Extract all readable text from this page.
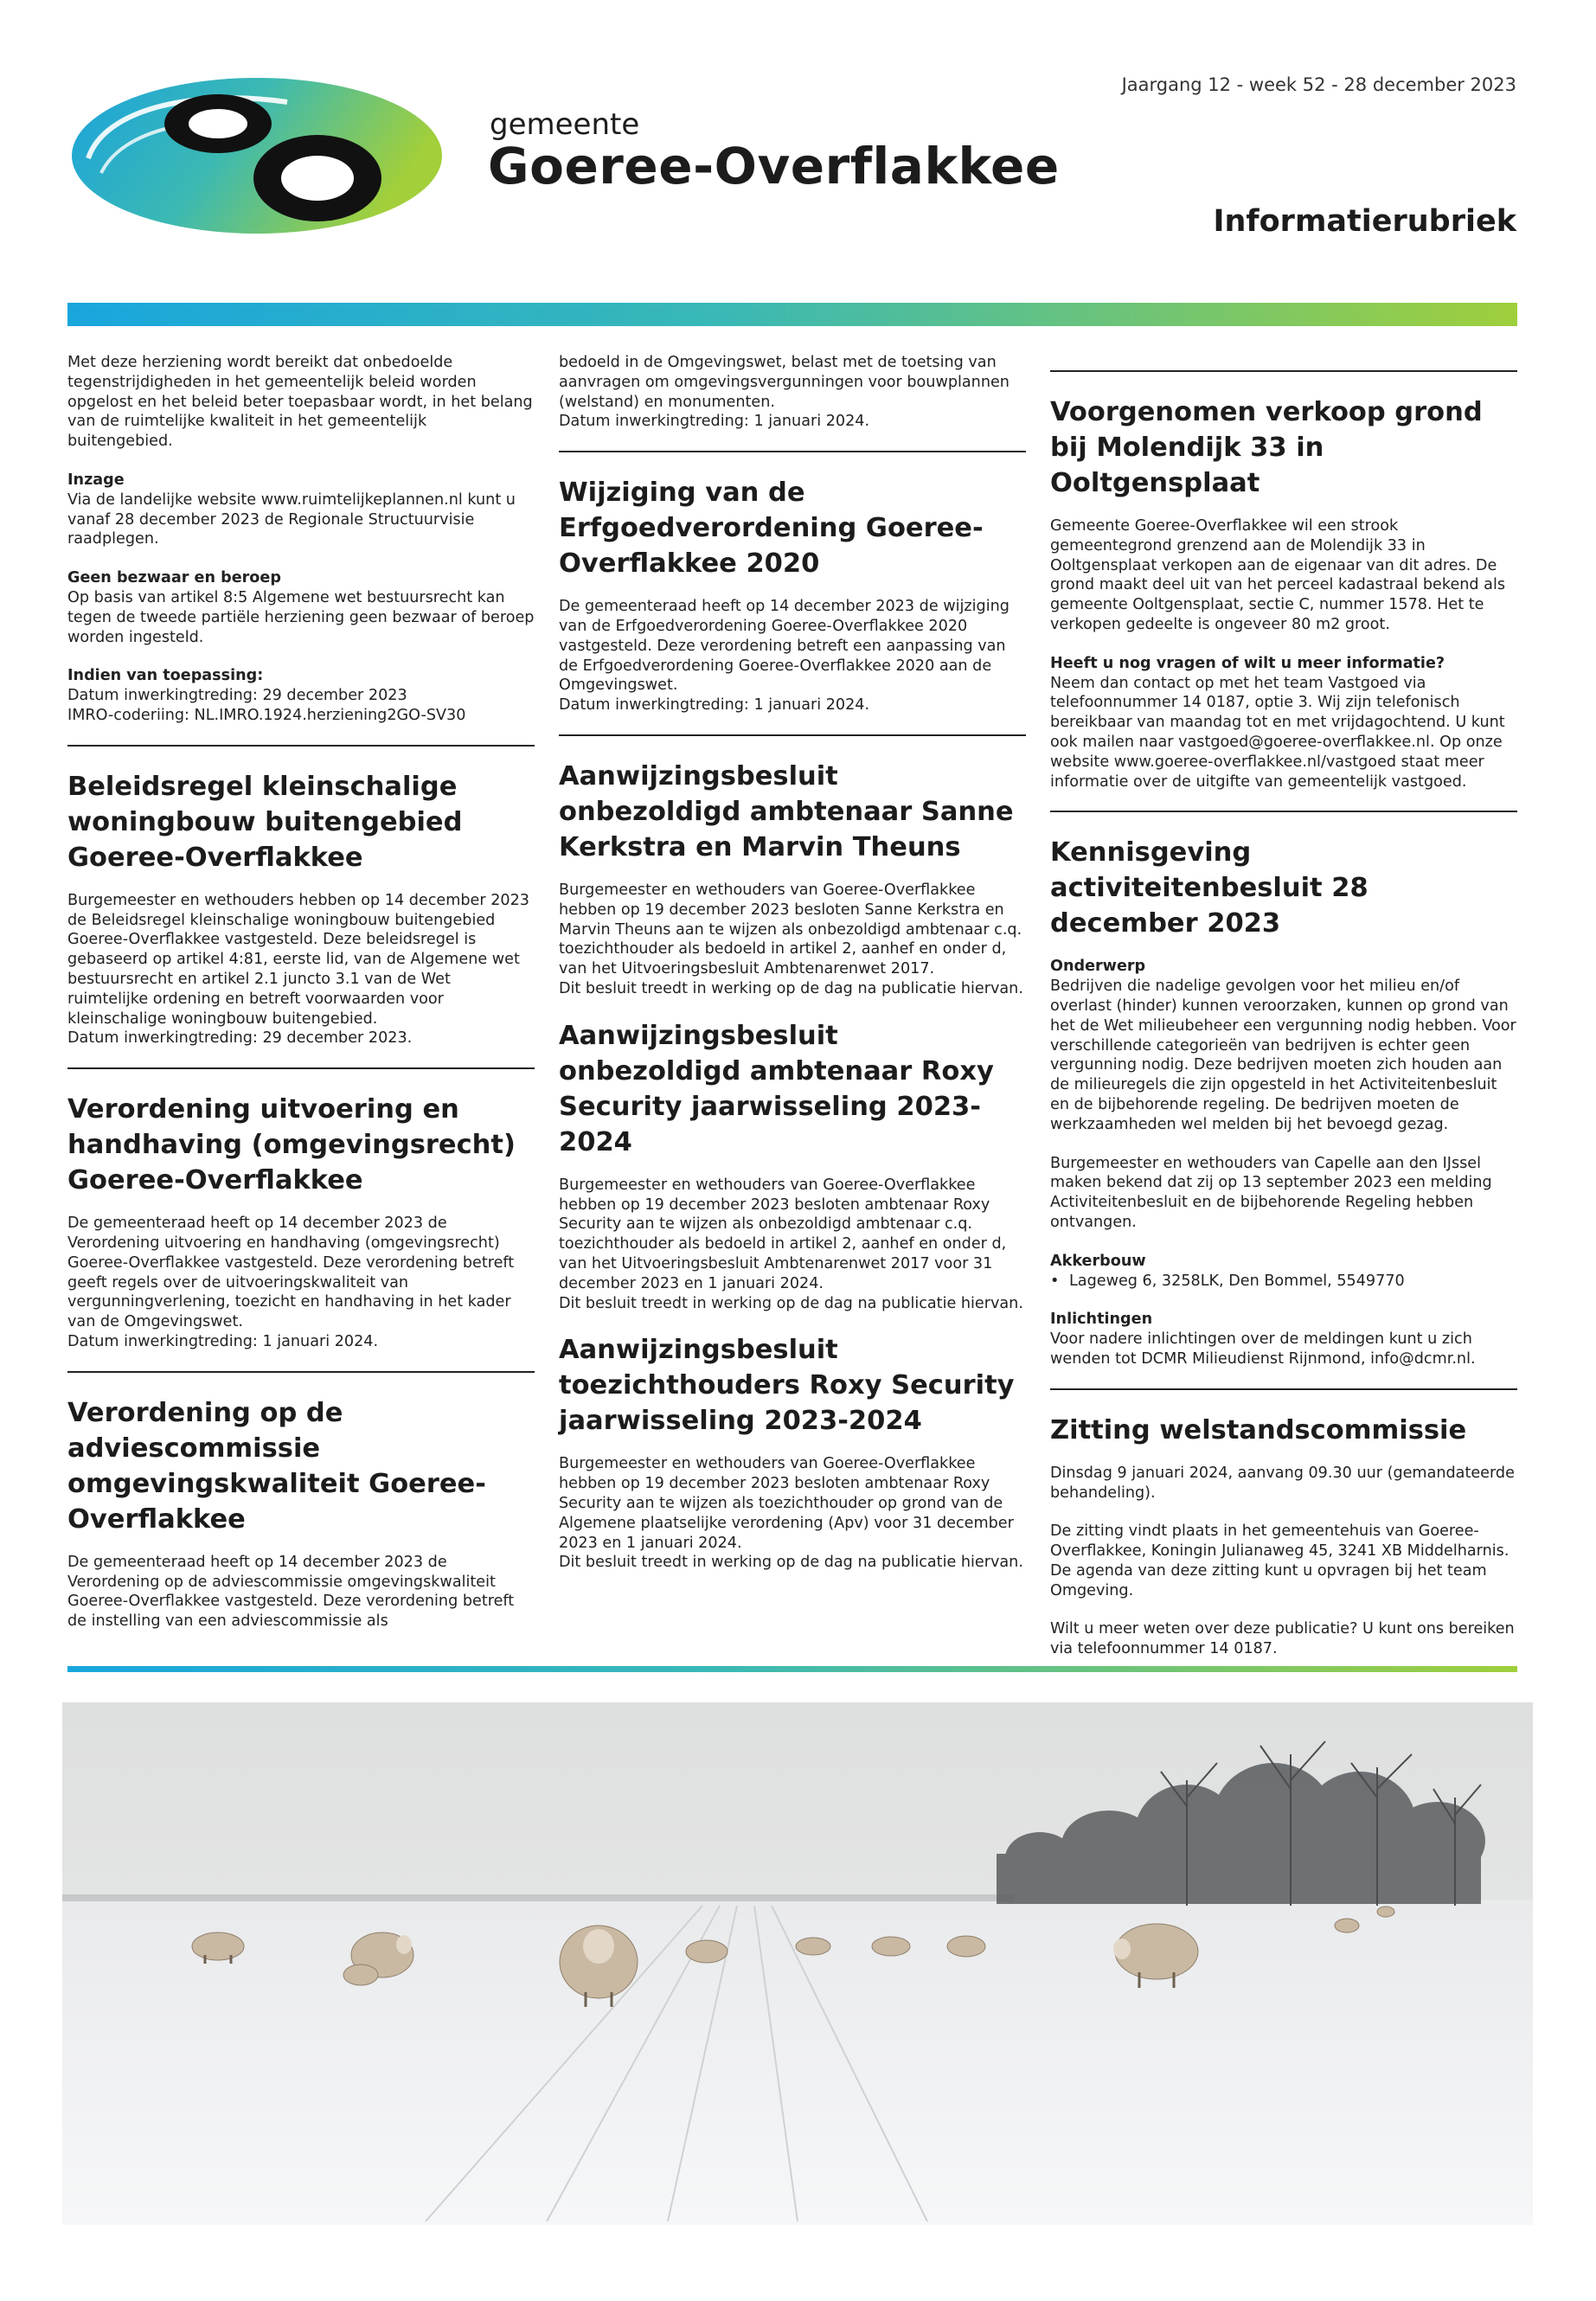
Jaargang 12 - week 52 - 28 december 2023
gemeente
Goeree-Overflakkee
Informatierubriek

Met deze herziening wordt bereikt dat onbedoelde tegenstrijdigheden in het gemeentelijk beleid worden opgelost en het beleid beter toepasbaar wordt, in het belang van de ruimtelijke kwaliteit in het gemeentelijk buitengebied.

Inzage
Via de landelijke website www.ruimtelijkeplannen.nl kunt u vanaf 28 december 2023 de Regionale Structuurvisie raadplegen.

Geen bezwaar en beroep
Op basis van artikel 8:5 Algemene wet bestuursrecht kan tegen de tweede partiële herziening geen bezwaar of beroep worden ingesteld.

Indien van toepassing:
Datum inwerkingtreding: 29 december 2023
IMRO-coderiing: NL.IMRO.1924.herziening2GO-SV30

Beleidsregel kleinschalige woningbouw buitengebied Goeree-Overflakkee

Burgemeester en wethouders hebben op 14 december 2023 de Beleidsregel kleinschalige woningbouw buitengebied Goeree-Overflakkee vastgesteld. Deze beleidsregel is gebaseerd op artikel 4:81, eerste lid, van de Algemene wet bestuursrecht en artikel 2.1 juncto 3.1 van de Wet ruimtelijke ordening en betreft voorwaarden voor kleinschalige woningbouw buitengebied.

Datum inwerkingtreding: 29 december 2023.

Verordening uitvoering en handhaving (omgevingsrecht) Goeree-Overflakkee

De gemeenteraad heeft op 14 december 2023 de Verordening uitvoering en handhaving (omgevingsrecht) Goeree-Overflakkee vastgesteld. Deze verordening betreft geeft regels over de uitvoeringskwaliteit van vergunningverlening, toezicht en handhaving in het kader van de Omgevingswet.

Datum inwerkingtreding: 1 januari 2024.

Verordening op de adviescommissie omgevingskwaliteit Goeree-Overflakkee

De gemeenteraad heeft op 14 december 2023 de Verordening op de adviescommissie omgevingskwaliteit Goeree-Overflakkee vastgesteld. Deze verordening betreft de instelling van een adviescommissie als

bedoeld in de Omgevingswet, belast met de toetsing van aanvragen om omgevingsvergunningen voor bouwplannen (welstand) en monumenten.

Datum inwerkingtreding: 1 januari 2024.

Wijziging van de Erfgoedverordening Goeree-Overflakkee 2020

De gemeenteraad heeft op 14 december 2023 de wijziging van de Erfgoedverordening Goeree-Overflakkee 2020 vastgesteld. Deze verordening betreft een aanpassing van de Erfgoedverordening Goeree-Overflakkee 2020 aan de Omgevingswet.

Datum inwerkingtreding: 1 januari 2024.

Aanwijzingsbesluit onbezoldigd ambtenaar Sanne Kerkstra en Marvin Theuns

Burgemeester en wethouders van Goeree-Overflakkee hebben op 19 december 2023 besloten Sanne Kerkstra en Marvin Theuns aan te wijzen als onbezoldigd ambtenaar c.q. toezichthouder als bedoeld in artikel 2, aanhef en onder d, van het Uitvoeringsbesluit Ambtenarenwet 2017.

Dit besluit treedt in werking op de dag na publicatie hiervan.

Aanwijzingsbesluit onbezoldigd ambtenaar Roxy Security jaarwisseling 2023-2024

Burgemeester en wethouders van Goeree-Overflakkee hebben op 19 december 2023 besloten ambtenaar Roxy Security aan te wijzen als onbezoldigd ambtenaar c.q. toezichthouder als bedoeld in artikel 2, aanhef en onder d, van het Uitvoeringsbesluit Ambtenarenwet 2017 voor 31 december 2023 en 1 januari 2024.

Dit besluit treedt in werking op de dag na publicatie hiervan.

Aanwijzingsbesluit toezichthouders Roxy Security jaarwisseling 2023-2024

Burgemeester en wethouders van Goeree-Overflakkee hebben op 19 december 2023 besloten ambtenaar Roxy Security aan te wijzen als toezichthouder op grond van de Algemene plaatselijke verordening (Apv) voor 31 december 2023 en 1 januari 2024.

Dit besluit treedt in werking op de dag na publicatie hiervan.

Voorgenomen verkoop grond bij Molendijk 33 in Ooltgensplaat

Gemeente Goeree-Overflakkee wil een strook gemeentegrond grenzend aan de Molendijk 33 in Ooltgensplaat verkopen aan de eigenaar van dit adres. De grond maakt deel uit van het perceel kadastraal bekend als gemeente Ooltgensplaat, sectie C, nummer 1578. Het te verkopen gedeelte is ongeveer 80 m2 groot.

Heeft u nog vragen of wilt u meer informatie?
Neem dan contact op met het team Vastgoed via telefoonnummer 14 0187, optie 3. Wij zijn telefonisch bereikbaar van maandag tot en met vrijdagochtend. U kunt ook mailen naar vastgoed@goeree-overflakkee.nl. Op onze website www.goeree-overflakkee.nl/vastgoed staat meer informatie over de uitgifte van gemeentelijk vastgoed.

Kennisgeving activiteitenbesluit 28 december 2023

Onderwerp
Bedrijven die nadelige gevolgen voor het milieu en/of overlast (hinder) kunnen veroorzaken, kunnen op grond van het de Wet milieubeheer een vergunning nodig hebben. Voor verschillende categorieën van bedrijven is echter geen vergunning nodig. Deze bedrijven moeten zich houden aan de milieuregels die zijn opgesteld in het Activiteitenbesluit en de bijbehorende regeling. De bedrijven moeten de werkzaamheden wel melden bij het bevoegd gezag.

Burgemeester en wethouders van Capelle aan den IJssel maken bekend dat zij op 13 september 2023 een melding Activiteitenbesluit en de bijbehorende Regeling hebben ontvangen.

Akkerbouw
• Lageweg 6, 3258LK, Den Bommel, 5549770

Inlichtingen
Voor nadere inlichtingen over de meldingen kunt u zich wenden tot DCMR Milieudienst Rijnmond, info@dcmr.nl.

Zitting welstandscommissie

Dinsdag 9 januari 2024, aanvang 09.30 uur (gemandateerde behandeling).

De zitting vindt plaats in het gemeentehuis van Goeree-Overflakkee, Koningin Julianaweg 45, 3241 XB Middelharnis. De agenda van deze zitting kunt u opvragen bij het team Omgeving.

Wilt u meer weten over deze publicatie? U kunt ons bereiken via telefoonnummer 14 0187.
